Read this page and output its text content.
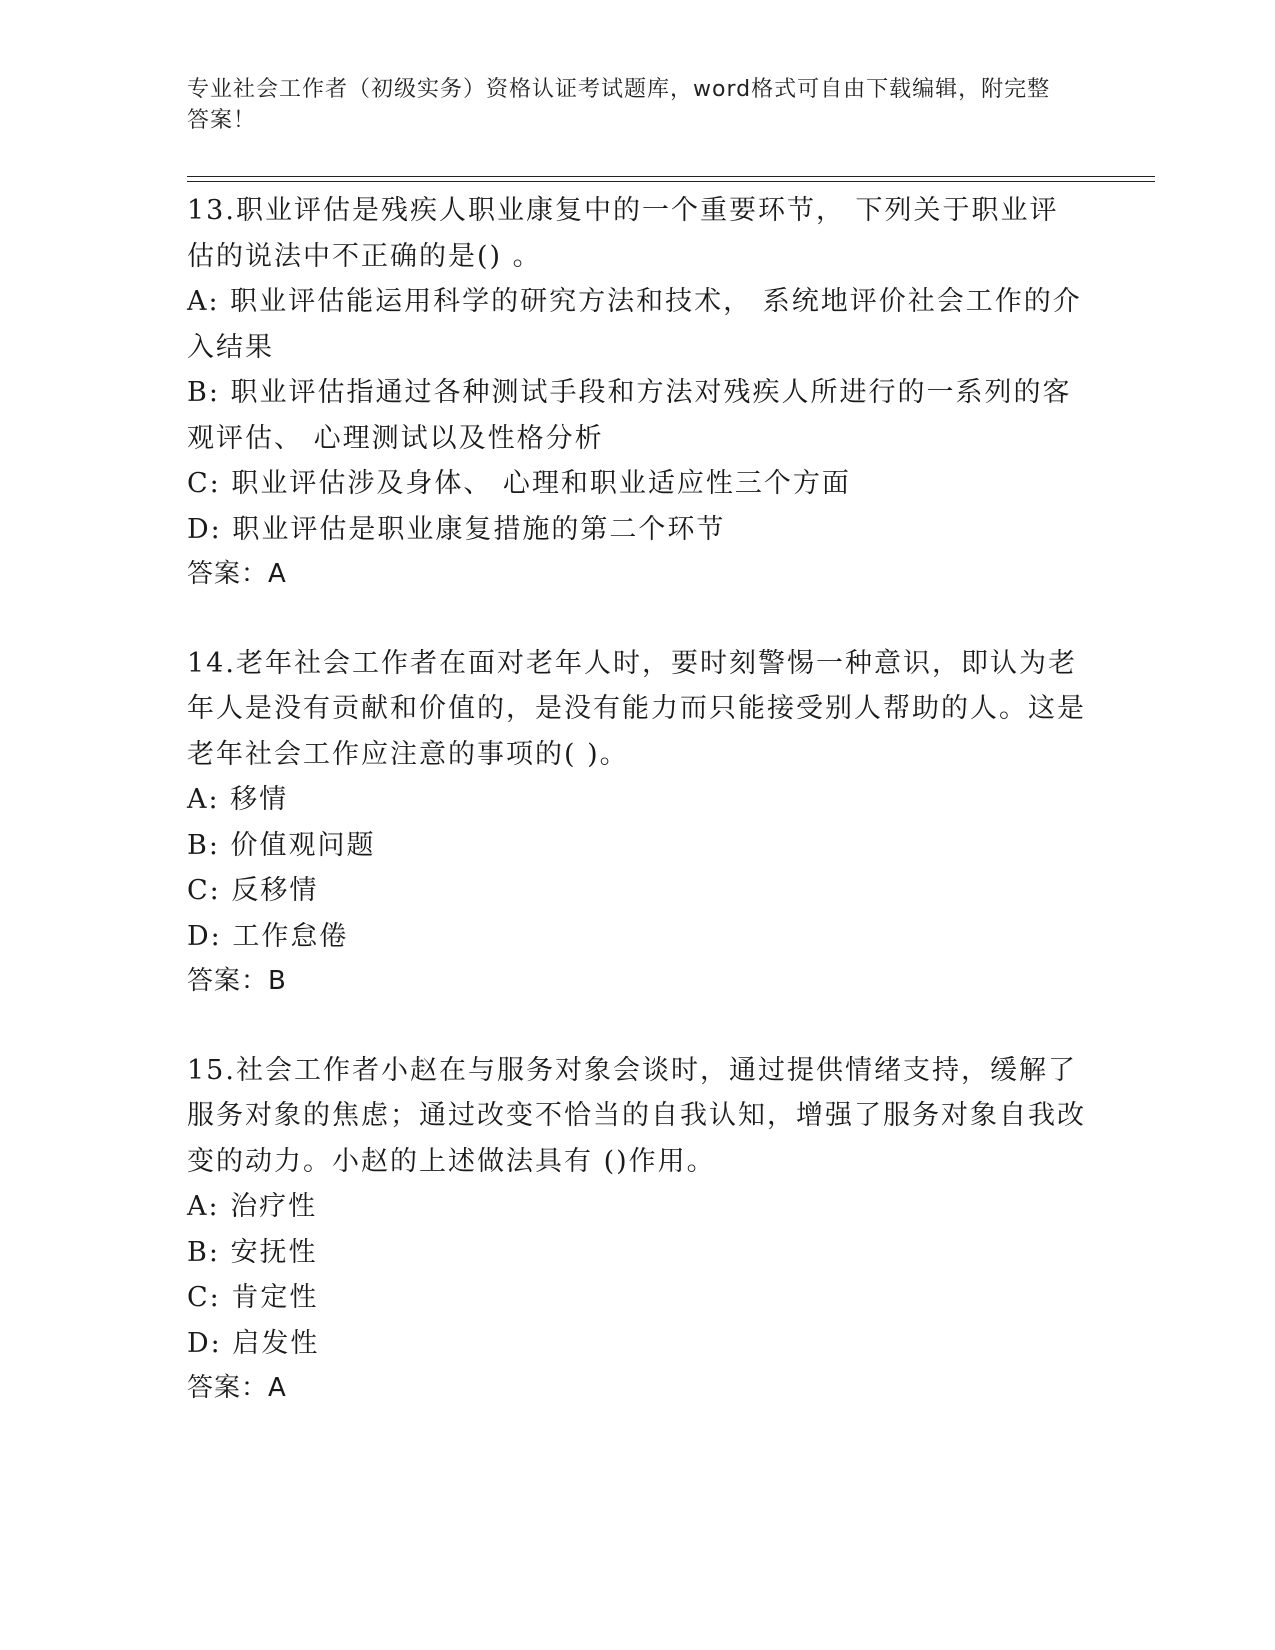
专业社会工作者（初级实务）资格认证考试题库，word格式可自由下载编辑，附完整答案！

13.职业评估是残疾人职业康复中的一个重要环节， 下列关于职业评估的说法中不正确的是() 。

A: 职业评估能运用科学的研究方法和技术， 系统地评价社会工作的介入结果

B: 职业评估指通过各种测试手段和方法对残疾人所进行的一系列的客观评估、 心理测试以及性格分析

C: 职业评估涉及身体、 心理和职业适应性三个方面

D: 职业评估是职业康复措施的第二个环节

答案：A

14.老年社会工作者在面对老年人时，要时刻警惕一种意识，即认为老年人是没有贡献和价值的，是没有能力而只能接受别人帮助的人。这是老年社会工作应注意的事项的( )。

A: 移情

B: 价值观问题

C: 反移情

D: 工作怠倦

答案：B

15.社会工作者小赵在与服务对象会谈时，通过提供情绪支持，缓解了服务对象的焦虑；通过改变不恰当的自我认知，增强了服务对象自我改变的动力。小赵的上述做法具有 ()作用。

A: 治疗性

B: 安抚性

C: 肯定性

D: 启发性

答案：A
